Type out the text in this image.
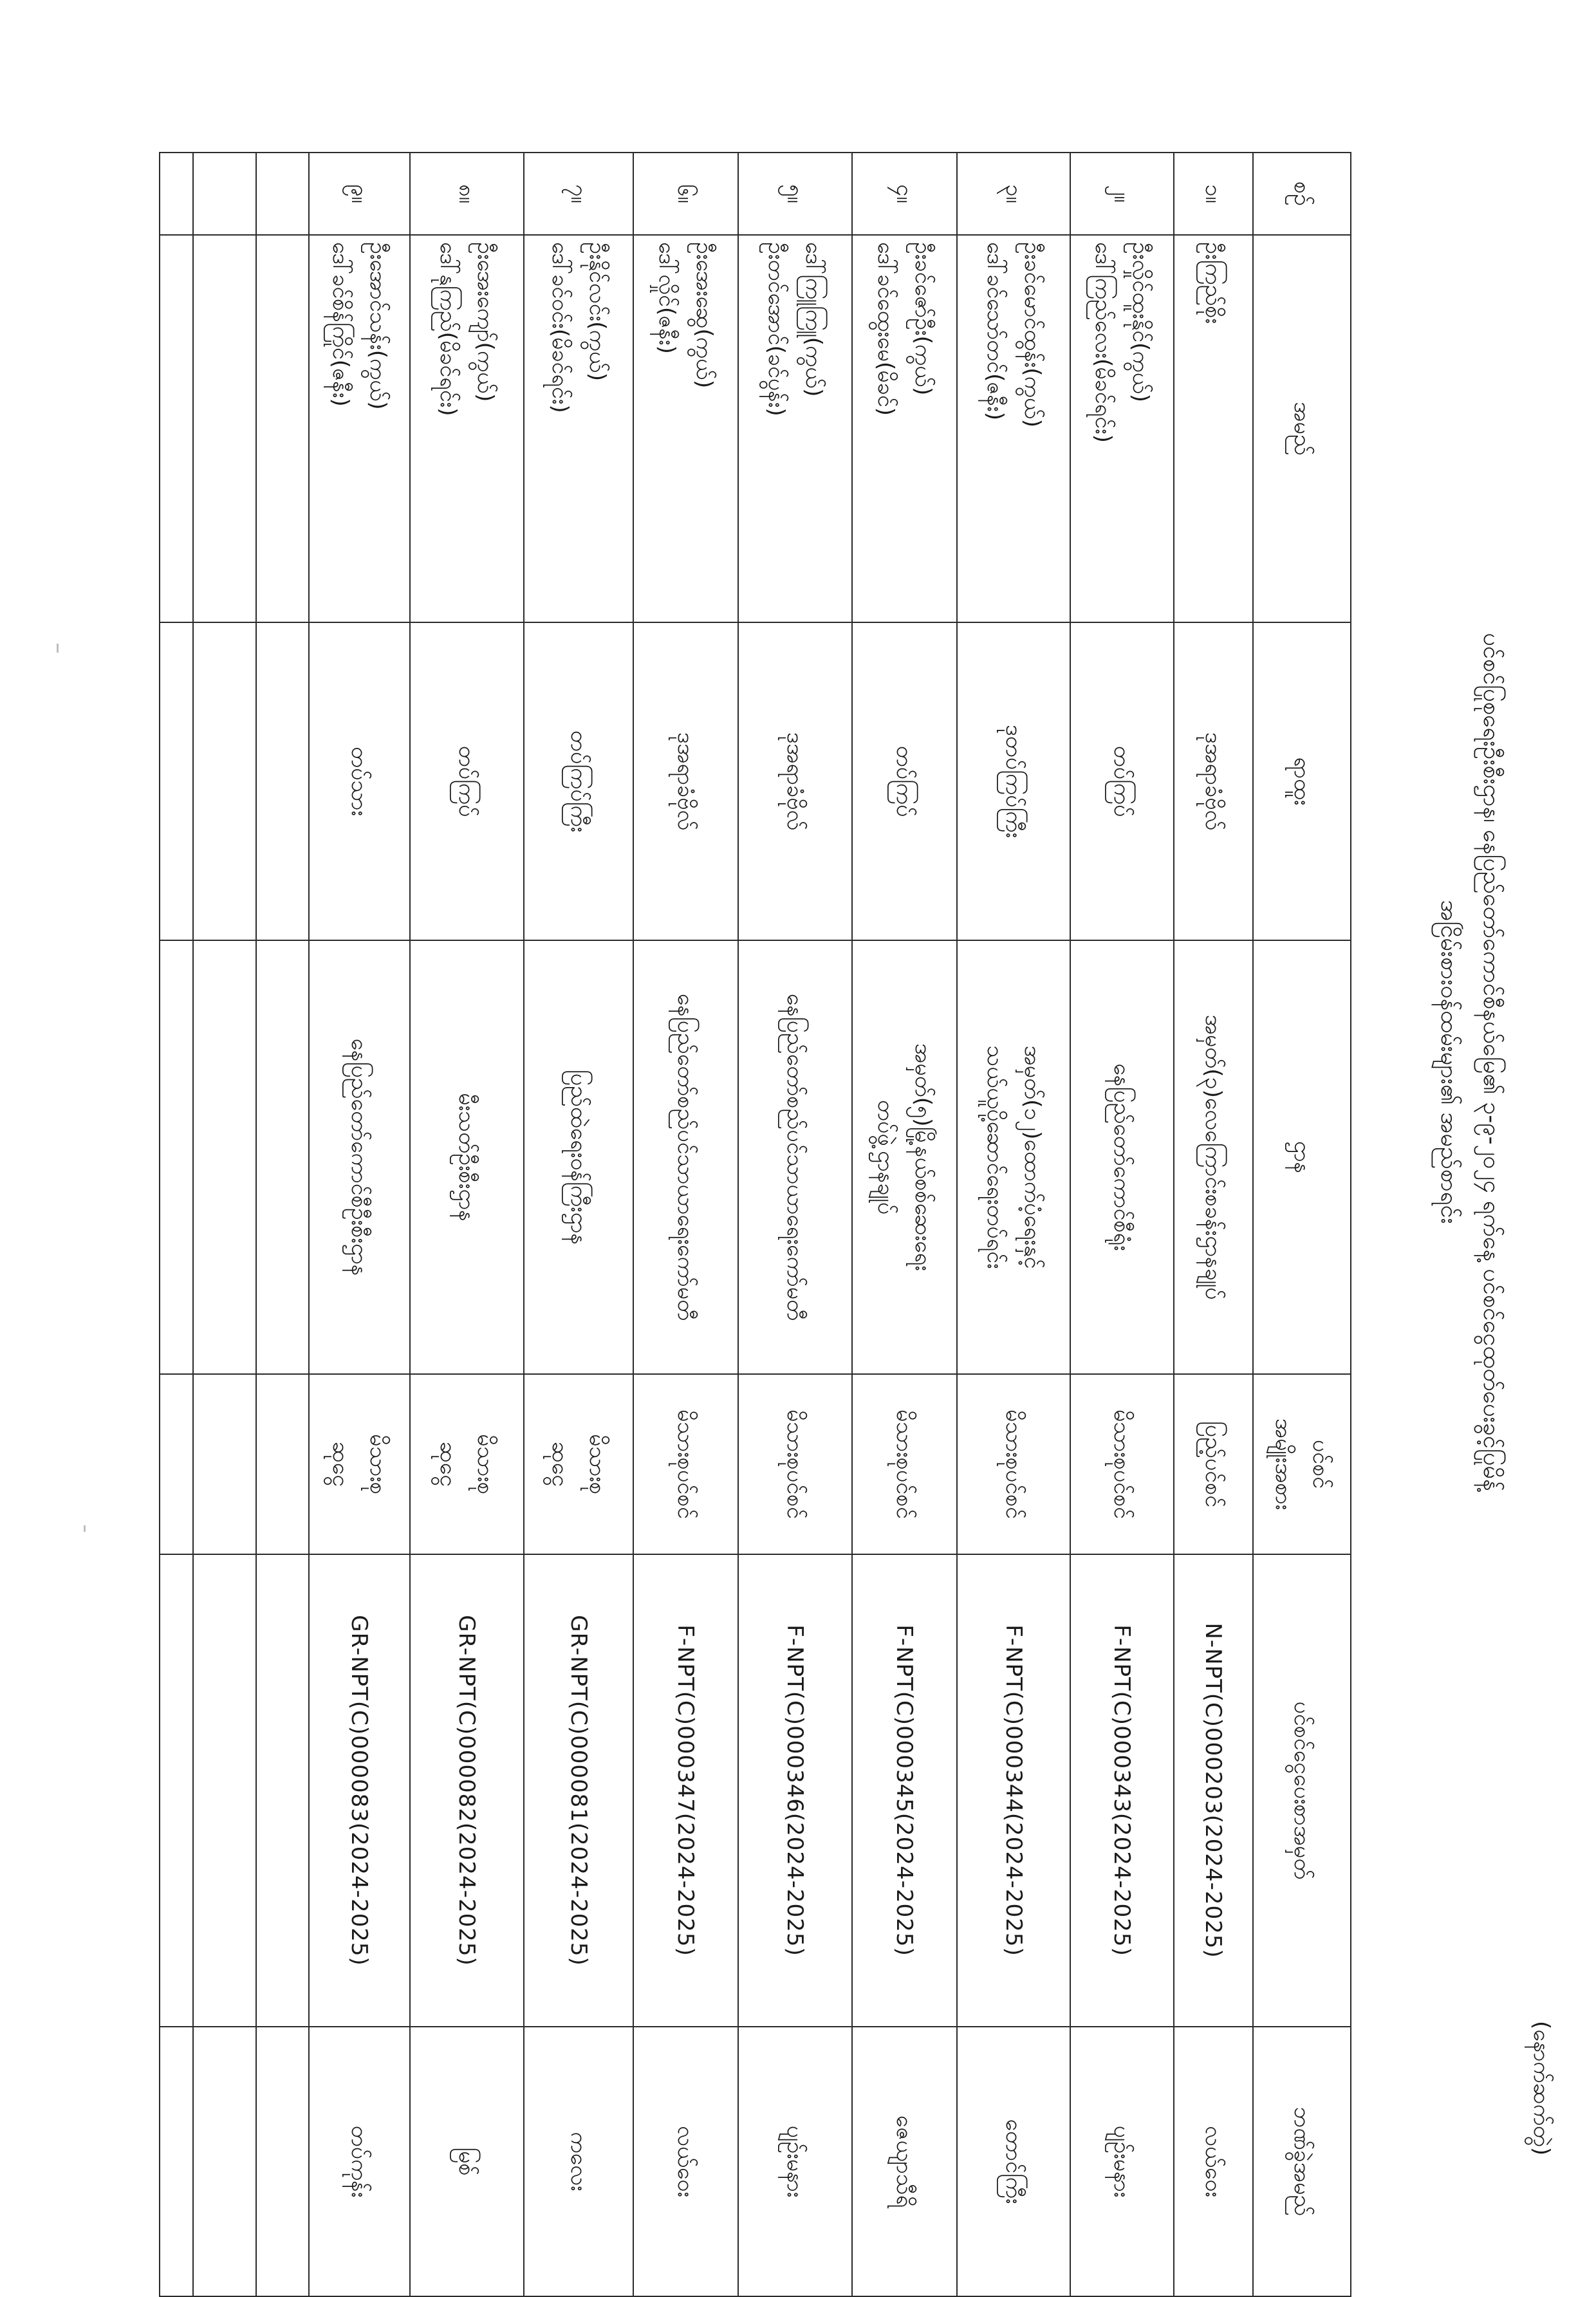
ပင်စင်ပြုစုရေးဦးစီးဌာန၊ နေပြည်တော်ကောင်စီနယ်မြေ၏ ၃-၉-၂၀၂၄ ရက်နေ့ ပင်စင်ငွေထုတ်ပေးခွင့်ပြုမိန့်
အငြိမ်းစားဝန်ထမ်းများ၏ အမည်စာရင်း
(နောက်ဆက်တွဲ)
စဉ်	အမည်	ရာထူး	ဌာန	ပင်စင်
အမျိုးအစား	ပင်စင်ငွေပေးစာအမှတ်	ဘဏ်ခွဲအမည်

၁။	ဦးကြည်စိုး	ဒုအရာခံဗိုလ်	အမှတ်(၃)လေကြောင်းစခန်းဌာနချုပ်	ပြည့်ပင်စင်	N-NPT(C)000203(2024-2025)	လယ်ဝေး

၂။	ဦးလှိုင်ထူးနိုင်(ကွယ်)
ဒေါ်ကြည်လေး(မိခင်ရင်း)	တပ်ကြပ်	နေပြည်တော်ကောင်စီရုံး	မိသားစုပင်စင်	F-NPT(C)000343(2024-2025)	ပျဉ်းမနား

၃။	ဦးခင်မောင်ထွန်း(ကွယ်)
ဒေါ်ခင်သော်တင်(ဇနီး)	ဒုတပ်ကြပ်ကြီး	အမှတ်(၁၂)ထောက်ပံ့ရေးနှင့်
သယ်ယူပို့ဆောင်ရေးတပ်ရင်း	မိသားစုပင်စင်	F-NPT(C)000344(2024-2025)	တောင်ကြီး

၄။	ဦးခင်ဇော်ဦး(ကွယ်)
ဒေါ်ခင်ထွေးမေ(မိခင်)	တပ်ကြပ်	အမှတ်(၅)မြို့နယ်စစ်ဆေးရေး
တပ်ဖွဲ့ဌာနချုပ်	မိသားစုပင်စင်	F-NPT(C)000345(2024-2025)	ဇေယျာသီရိ

၅။	ဒေါ်ကြူကြူ(ကွယ်)
ဦးတင်အောင်(ခင်ပွန်း)	ဒုအရာခံဗိုလ်	နေပြည်တော်စည်ပင်သာယာရေးကော်မတီ	မိသားစုပင်စင်	F-NPT(C)000346(2024-2025)	ပျဉ်းမနား

၆။	ဦးအေးဆွေ(ကွယ်)
ဒေါ်လှိုင်(ဇနီး)	ဒုအရာခံဗိုလ်	နေပြည်တော်စည်ပင်သာယာရေးကော်မတီ	မိသားစုပင်စင်	F-NPT(C)000347(2024-2025)	လယ်ဝေး

၇။	ဦးနိုင်လင်း(ကွယ်)
ဒေါ်ခင်ဝင်း(မိခင်ရင်း)	တပ်ကြပ်ကြီး	ပြည်ထဲရေးဝန်ကြီးဌာန	မိသားစု
ဆုငွေ	GR-NPT(C)000081(2024-2025)	ကလေး

၈။	ဦးအေးကျော်(ကွယ်)
ဒေါ်နုကြည်(မိခင်ရင်း)	တပ်ကြပ်	မီးသတ်ဦးစီးဌာန	မိသားစု
ဆုငွေ	GR-NPT(C)000082(2024-2025)	မြစ်

၉။	ဦးအောင်သန်း(ကွယ်)
ဒေါ်ခင်စိန်ကြိုင်(ဇနီး)	တပ်သား	နေပြည်တော်ကောင်စီဦးစီးဌာန	မိသားစု
ဆုငွေ	GR-NPT(C)000083(2024-2025)	တပ်ကုန်း
